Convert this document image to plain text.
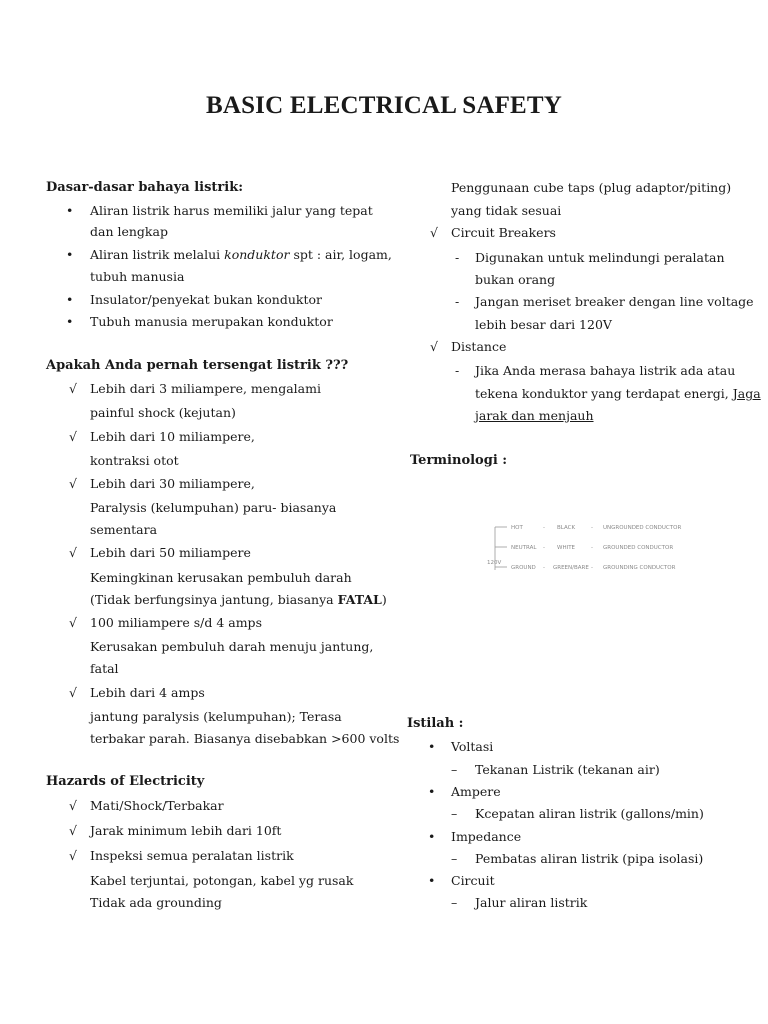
BASIC ELECTRICAL SAFETY
Dasar-dasar bahaya listrik:
• Aliran listrik harus memiliki jalur yang tepat
dan lengkap
• Aliran listrik melalui konduktor spt : air, logam,
tubuh manusia
• Insulator/penyekat bukan konduktor
• Tubuh manusia merupakan konduktor
Apakah Anda pernah tersengat listrik ???
√ Lebih dari 3 miliampere, mengalami
painful shock (kejutan)
√ Lebih dari 10 miliampere,
kontraksi otot
√ Lebih dari 30 miliampere,
Paralysis (kelumpuhan) paru- biasanya
sementara
√ Lebih dari 50 miliampere
Kemingkinan kerusakan pembuluh darah
(Tidak berfungsinya jantung, biasanya FATAL)
√ 100 miliampere s/d 4 amps
Kerusakan pembuluh darah menuju jantung,
fatal
√ Lebih dari 4 amps
jantung paralysis (kelumpuhan); Terasa
terbakar parah. Biasanya disebabkan >600 volts
Hazards of Electricity
√ Mati/Shock/Terbakar
√ Jarak minimum lebih dari 10ft
√ Inspeksi semua peralatan listrik
Kabel terjuntai, potongan, kabel yg rusak
Tidak ada grounding
Penggunaan cube taps (plug adaptor/piting)
yang tidak sesuai
√ Circuit Breakers
- Digunakan untuk melindungi peralatan
bukan orang
- Jangan meriset breaker dengan line voltage
lebih besar dari 120V
√ Distance
- Jika Anda merasa bahaya listrik ada atau
tekena konduktor yang terdapat energi, Jaga
jarak dan menjauh
Terminologi :
120V
HOT	- BLACK	- UNGROUNDED CONDUCTOR
NEUTRAL - WHITE	- GROUNDED CONDUCTOR
GROUND - GREEN/BARE - GROUNDING CONDUCTOR
Istilah :
• Voltasi
– Tekanan Listrik (tekanan air)
• Ampere
– Kcepatan aliran listrik (gallons/min)
• Impedance
– Pembatas aliran listrik (pipa isolasi)
• Circuit
– Jalur aliran listrik
